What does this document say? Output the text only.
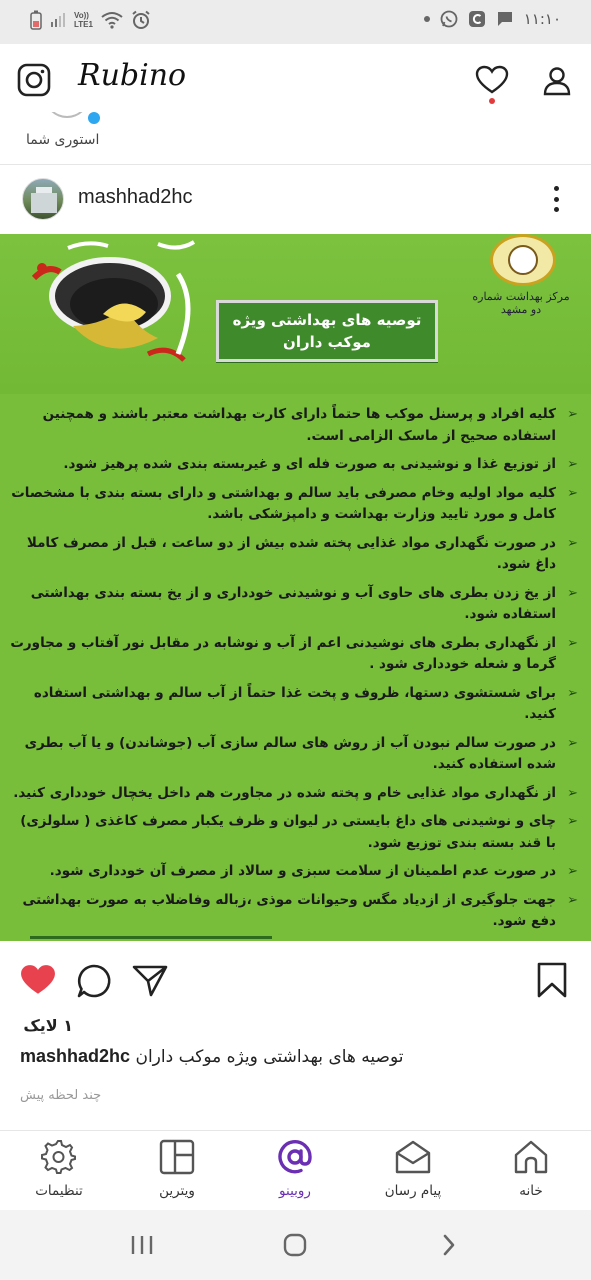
Vo))
LTE1	۱۱:۱۰
Rubino
استوری شما
mashhad2hc
مرکز بهداشت شماره دو مشهد

توصیه های بهداشتی ویژه
موکب داران

➢ کلیه افراد و پرسنل موکب ها حتماً دارای کارت بهداشت معتبر باشند و همچنین استفاده صحیح از ماسک الزامی است.
➢ از توزیع غذا و نوشیدنی به صورت فله ای و غیربسته بندی شده پرهیز شود.
➢ کلیه مواد اولیه وخام مصرفی باید سالم و بهداشتی و دارای بسته بندی با مشخصات کامل و مورد تایید وزارت بهداشت و دامپزشکی باشد.
➢ در صورت نگهداری مواد غذایی پخته شده بیش از دو ساعت ، قبل از مصرف کاملا داغ شود.
➢ از یخ زدن بطری های حاوی آب و نوشیدنی خودداری و از یخ بسته بندی بهداشتی استفاده شود.
➢ از نگهداری بطری های نوشیدنی اعم از آب و نوشابه در مقابل نور آفتاب و مجاورت گرما و شعله خودداری شود .
➢ برای شستشوی دستها، ظروف و پخت غذا حتماً از آب سالم و بهداشتی استفاده کنید.
➢ در صورت سالم نبودن آب از روش های سالم سازی آب (جوشاندن) و یا آب بطری شده استفاده کنید.
➢ از نگهداری مواد غذایی خام و پخته شده در مجاورت هم داخل یخچال خودداری کنید.
➢ چای و نوشیدنی های داغ بایستی در لیوان و ظرف یکبار مصرف کاغذی ( سلولزی) با قند بسته بندی توزیع شود.
➢ در صورت عدم اطمینان از سلامت سبزی و سالاد از مصرف آن خودداری شود.
➢ جهت جلوگیری از ازدیاد مگس وحیوانات موذی ،زباله وفاضلاب به صورت بهداشتی دفع شود.
۱ لایک
mashhad2hc توصیه های بهداشتی ویژه موکب داران
چند لحظه پیش
تنظیمات	ویترین	روبینو	پیام رسان	خانه
